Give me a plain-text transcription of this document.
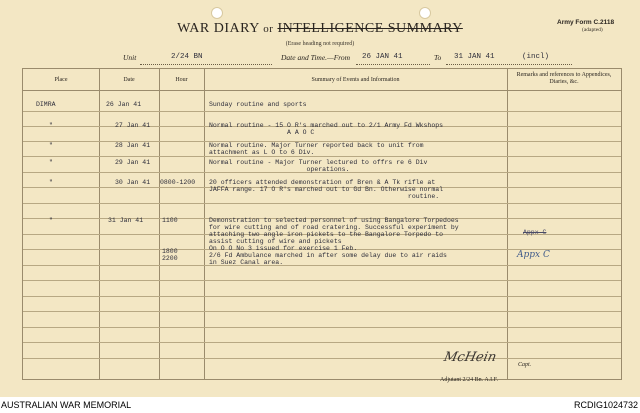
WAR DIARY or INTELLIGENCE SUMMARY
(Erase heading not required)
Army Form C.2118
(adapted)
Unit	2/24 BN	Date and Time.—From 26 JAN 41	To 31 JAN 41	(incl)
Place	Date	Hour	Summary of Events and Information
Remarks and references to Appendices, Diaries, &c.
DIMRA	26 Jan 41	Sunday routine and sports
"	27 Jan 41	Normal routine - 15 O R's marched out to 2/1 Army Fd Wkshops
A A O C
"	28 Jan 41	Normal routine. Major Turner reported back to unit from
attachment as L O to 6 Div.
"	29 Jan 41	Normal routine - Major Turner lectured to offrs re 6 Div
operations.
"	30 Jan 41 0800-1200 20 officers attended demonstration of Bren & A Tk rifle at
JAFFA range. 17 O R's marched out to Gd Bn. Otherwise normal
routine.
"	31 Jan 41	1100	Demonstration to selected personnel of using Bangalore Torpedoes
for wire cutting and of road cratering. Successful experiment by
attaching two angle iron pickets to the Bangalore Torpedo to
assist cutting of wire and pickets
1800	On O O No 3 issued for exercise 1 Feb.
2200	2/6 Fd Ambulance marched in after some delay due to air raids
in Suez Canal area.
Appx C
Appx C
McHein	Capt.
Adjutant 2/24 Bn. A.I.F.
AUSTRALIAN WAR MEMORIAL	RCDIG1024732
